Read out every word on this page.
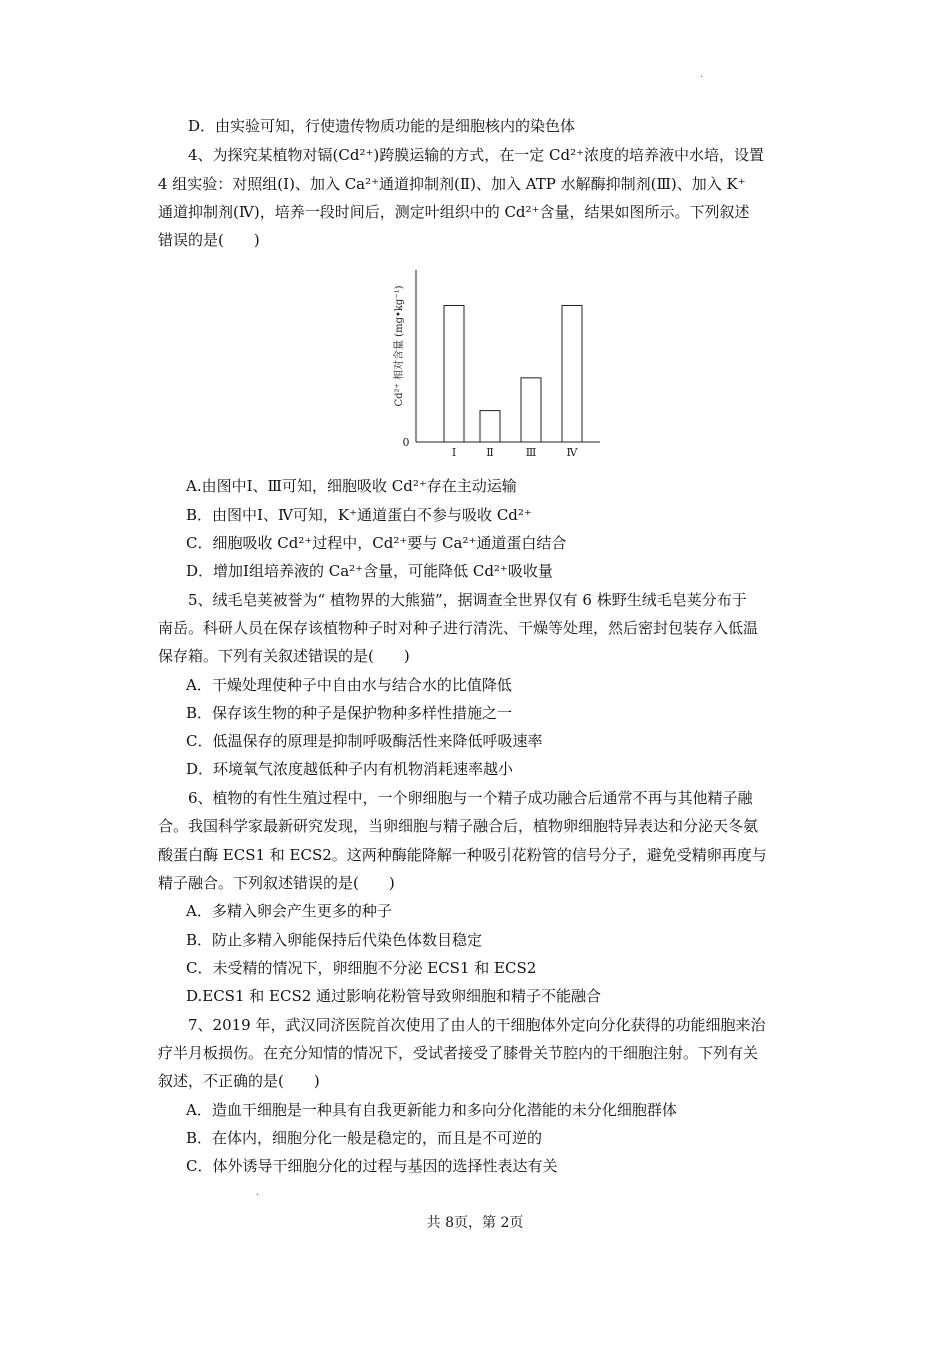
·
D．由实验可知，行使遗传物质功能的是细胞核内的染色体
4、为探究某植物对镉(Cd²⁺)跨膜运输的方式，在一定 Cd²⁺浓度的培养液中水培，设置
4 组实验：对照组(Ⅰ)、加入 Ca²⁺通道抑制剂(Ⅱ)、加入 ATP 水解酶抑制剂(Ⅲ)、加入 K⁺
通道抑制剂(Ⅳ)，培养一段时间后，测定叶组织中的 Cd²⁺含量，结果如图所示。下列叙述
错误的是(　　)
0
Cd²⁺ 相对含量 (mg•kg⁻¹)
Ⅰ	Ⅱ	Ⅲ	Ⅳ
A.由图中Ⅰ、Ⅲ可知，细胞吸收 Cd²⁺存在主动运输
B．由图中Ⅰ、Ⅳ可知，K⁺通道蛋白不参与吸收 Cd²⁺
C．细胞吸收 Cd²⁺过程中，Cd²⁺要与 Ca²⁺通道蛋白结合
D．增加Ⅰ组培养液的 Ca²⁺含量，可能降低 Cd²⁺吸收量
5、绒毛皂荚被誉为“ 植物界的大熊猫”，据调查全世界仅有 6 株野生绒毛皂荚分布于
南岳。科研人员在保存该植物种子时对种子进行清洗、干燥等处理，然后密封包装存入低温
保存箱。下列有关叙述错误的是(　　)
A．干燥处理使种子中自由水与结合水的比值降低
B．保存该生物的种子是保护物种多样性措施之一
C．低温保存的原理是抑制呼吸酶活性来降低呼吸速率
D．环境氧气浓度越低种子内有机物消耗速率越小
6、植物的有性生殖过程中，一个卵细胞与一个精子成功融合后通常不再与其他精子融
合。我国科学家最新研究发现，当卵细胞与精子融合后，植物卵细胞特异表达和分泌天冬氨
酸蛋白酶 ECS1 和 ECS2。这两种酶能降解一种吸引花粉管的信号分子，避免受精卵再度与
精子融合。下列叙述错误的是(　　)
A．多精入卵会产生更多的种子
B．防止多精入卵能保持后代染色体数目稳定
C．未受精的情况下，卵细胞不分泌 ECS1 和 ECS2
D.ECS1 和 ECS2 通过影响花粉管导致卵细胞和精子不能融合
7、2019 年，武汉同济医院首次使用了由人的干细胞体外定向分化获得的功能细胞来治
疗半月板损伤。在充分知情的情况下，受试者接受了膝骨关节腔内的干细胞注射。下列有关
叙述，不正确的是(　　)
A．造血干细胞是一种具有自我更新能力和多向分化潜能的未分化细胞群体
B．在体内，细胞分化一般是稳定的，而且是不可逆的
C．体外诱导干细胞分化的过程与基因的选择性表达有关
·
共 8页，第 2页
